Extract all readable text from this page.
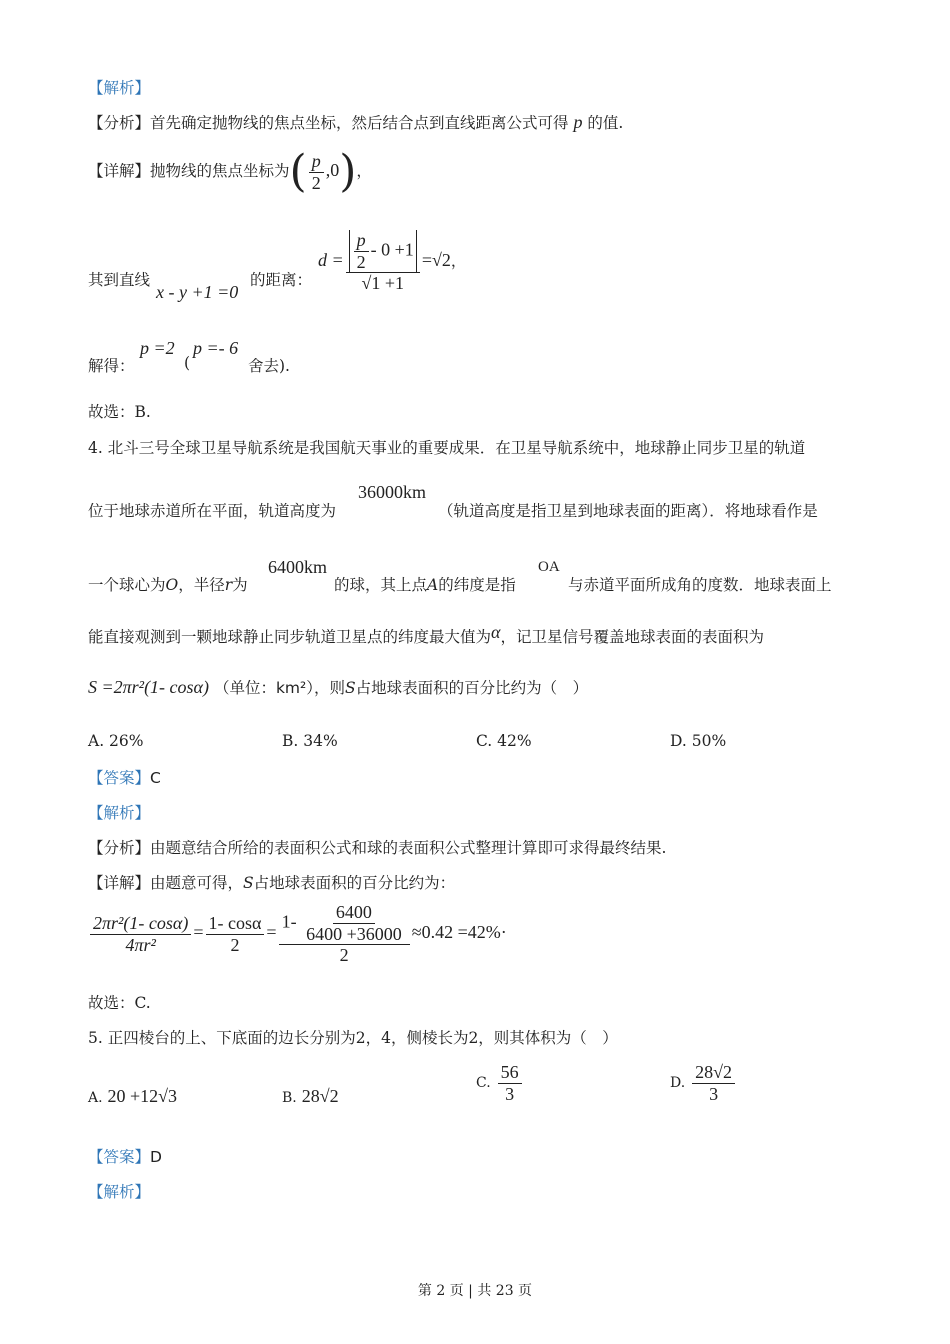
【解析】
【分析】首先确定抛物线的焦点坐标，然后结合点到直线距离公式可得 p 的值.
【详解】抛物线的焦点坐标为( $\frac{p}{2} ,0$)，
其到直线
x - y +1 =0
的距离：
$d = \frac{\frac{p}{2} - 0 +1}{√1 +1} =√2$，
解得：
p =2
(
p =- 6
舍去).
故选：B.
4. 北斗三号全球卫星导航系统是我国航天事业的重要成果．在卫星导航系统中，地球静止同步卫星的轨道
位于地球赤道所在平面，轨道高度为
36000km
（轨道高度是指卫星到地球表面的距离）．将地球看作是
一个球心为O，半径r为
6400km
的球，其上点A的纬度是指
OA
与赤道平面所成角的度数．地球表面上
能直接观测到一颗地球静止同步轨道卫星点的纬度最大值为α，记卫星信号覆盖地球表面的表面积为
S =2πr²(1- cosα) （单位：km²），则S占地球表面积的百分比约为（　）
A. 26%	B. 34%	C. 42%	D. 50%
【答案】C
【解析】
【分析】由题意结合所给的表面积公式和球的表面积公式整理计算即可求得最终结果.
【详解】由题意可得，S占地球表面积的百分比约为：
$\frac{\text{2πr²(1- cosα)}}{\text{4πr²}} = \frac{1- \cos\alpha}{2} = \frac{1- \frac{6400}{6400 +36000}}{2} \approx 0.42 =42\%\cdot$
故选：C.
5. 正四棱台的上、下底面的边长分别为2，4，侧棱长为2，则其体积为（　）
A. 20 +12√3	B. 28√2
C. $\frac{56}{3}$	D. $\frac{28√2}{3}$
【答案】D
【解析】
第 2 页 | 共 23 页
